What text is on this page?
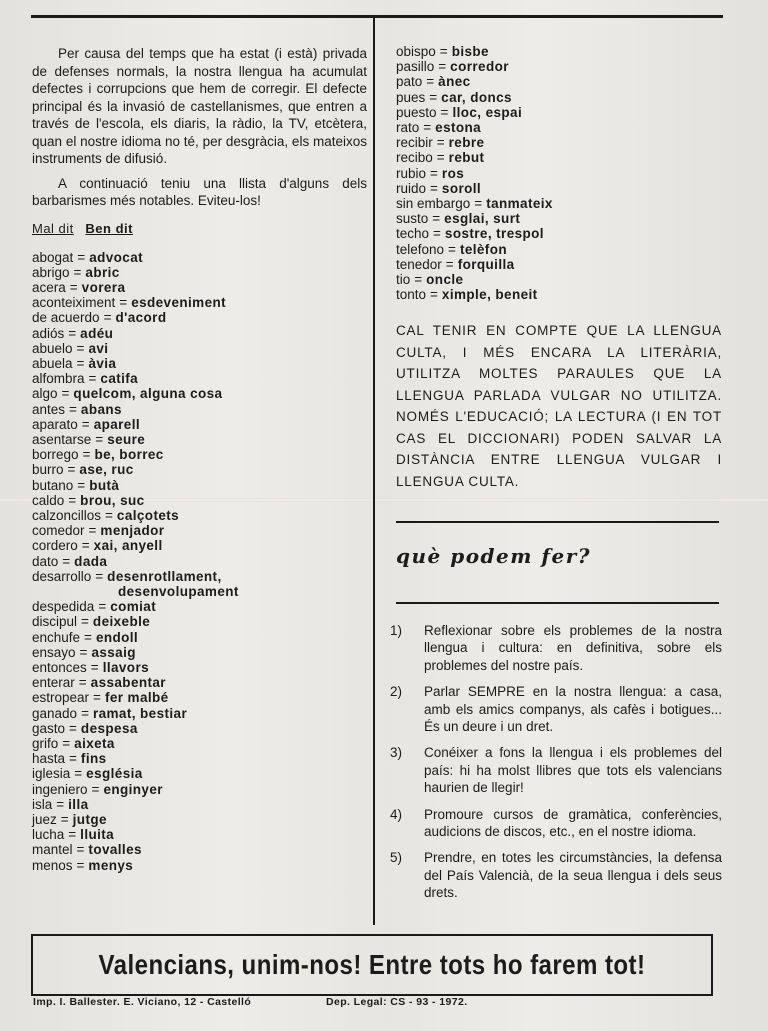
Per causa del temps que ha estat (i està) privada de defenses normals, la nostra llengua ha acumulat defectes i corrupcions que hem de corregir. El defecte principal és la invasió de castellanismes, que entren a través de l'escola, els diaris, la ràdio, la TV, etcètera, quan el nostre idioma no té, per desgràcia, els mateixos instruments de difusió.

A continuació teniu una llista d'alguns dels barbarismes més notables. Eviteu-los!

Mal dit Ben dit
abogat = advocat
abrigo = abric
acera = vorera
aconteiximent = esdeveniment
de acuerdo = d'acord
adiós = adéu
abuelo = avi
abuela = àvia
alfombra = catifa
algo = quelcom, alguna cosa
antes = abans
aparato = aparell
asentarse = seure
borrego = be, borrec
burro = ase, ruc
butano = butà
caldo = brou, suc
calzoncillos = calçotets
comedor = menjador
cordero = xai, anyell
dato = dada
desarrollo = desenrotllament,
desenvolupament
despedida = comiat
discipul = deixeble
enchufe = endoll
ensayo = assaig
entonces = llavors
enterar = assabentar
estropear = fer malbé
ganado = ramat, bestiar
gasto = despesa
grifo = aixeta
hasta = fins
iglesia = església
ingeniero = enginyer
isla = illa
juez = jutge
lucha = lluita
mantel = tovalles
menos = menys
obispo = bisbe
pasillo = corredor
pato = ànec
pues = car, doncs
puesto = lloc, espai
rato = estona
recibir = rebre
recibo = rebut
rubio = ros
ruido = soroll
sin embargo = tanmateix
susto = esglai, surt
techo = sostre, trespol
telefono = telèfon
tenedor = forquilla
tio = oncle
tonto = ximple, beneit
CAL TENIR EN COMPTE QUE LA LLENGUA CULTA, I MÉS ENCARA LA LITERÀRIA, UTILITZA MOLTES PARAULES QUE LA LLENGUA PARLADA VULGAR NO UTILITZA. NOMÉS L'EDUCACIÓ; LA LECTURA (I EN TOT CAS EL DICCIONARI) PODEN SALVAR LA DISTÀNCIA ENTRE LLENGUA VULGAR I LLENGUA CULTA.
què podem fer?
1)	Reflexionar sobre els problemes de la nostra llengua i cultura: en definitiva, sobre els problemes del nostre país.
2)	Parlar SEMPRE en la nostra llengua: a casa, amb els amics companys, als cafès i botigues... És un deure i un dret.
3)	Conéixer a fons la llengua i els problemes del país: hi ha molst llibres que tots els valencians haurien de llegir!
4)	Promoure cursos de gramàtica, conferències, audicions de discos, etc., en el nostre idioma.
5)	Prendre, en totes les circumstàncies, la defensa del País Valencià, de la seua llengua i dels seus drets.
Valencians, unim-nos! Entre tots ho farem tot!
Imp. I. Ballester. E. Viciano, 12 - Castelló	Dep. Legal: CS - 93 - 1972.
